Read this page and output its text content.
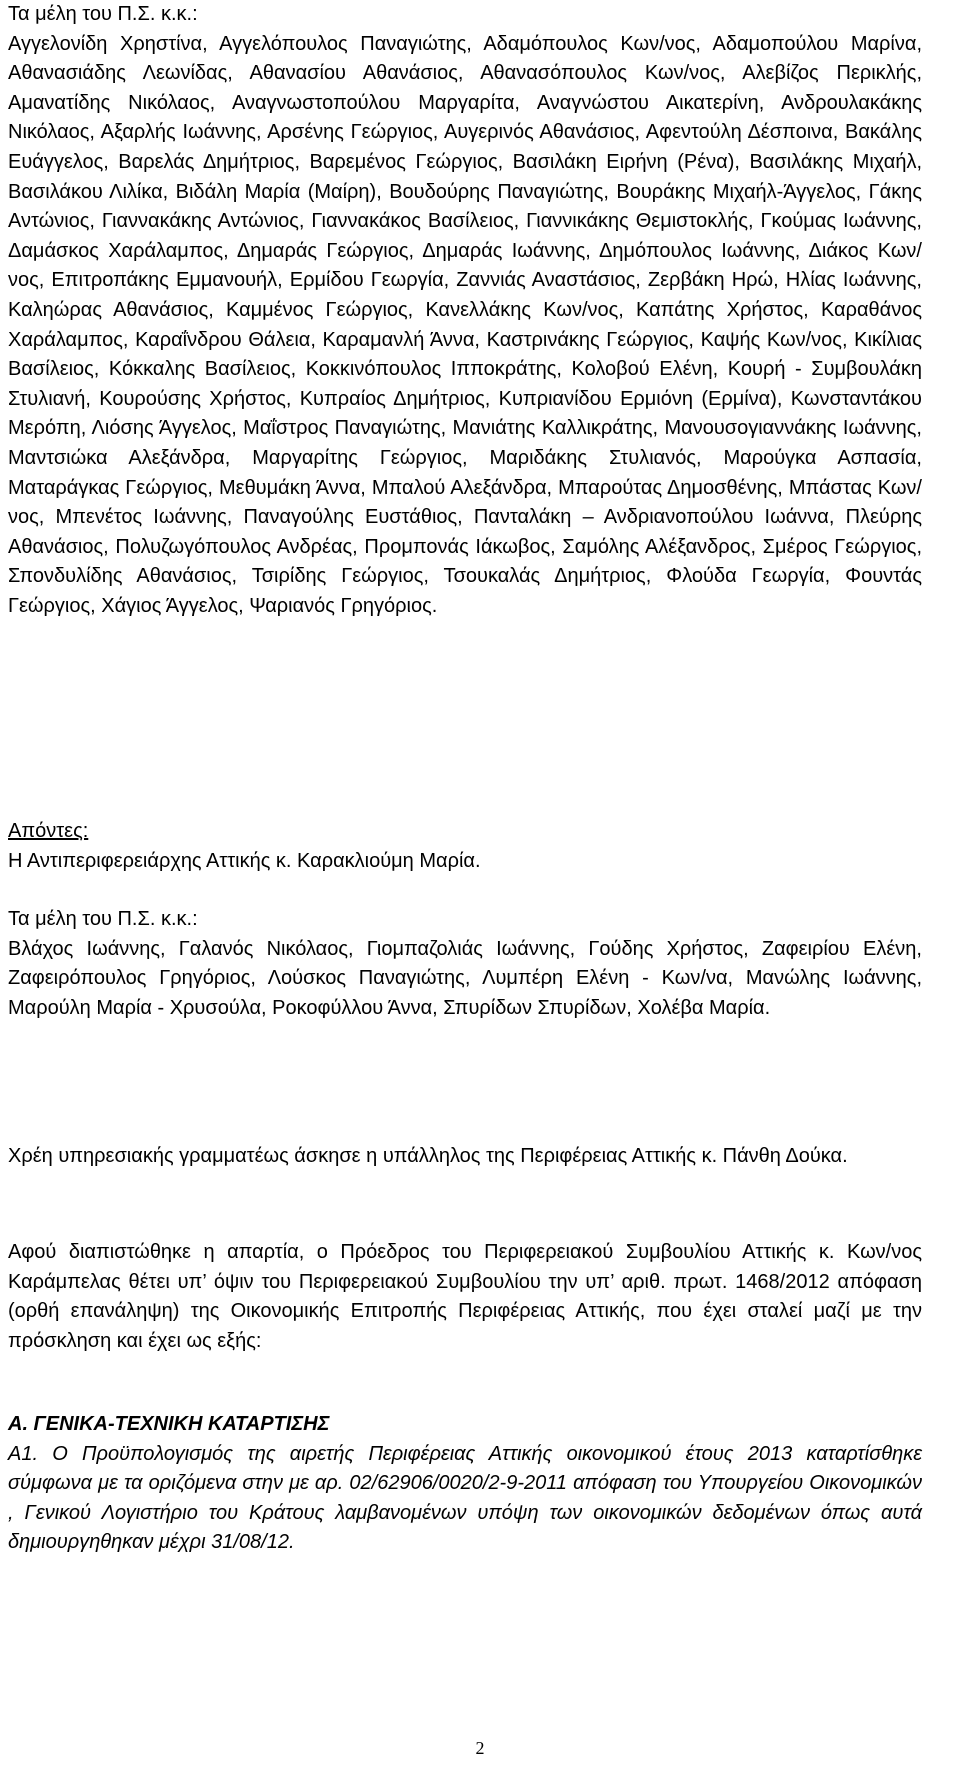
Τα μέλη του Π.Σ. κ.κ.:

Αγγελονίδη Χρηστίνα, Αγγελόπουλος Παναγιώτης, Αδαμόπουλος Κων/νος, Αδαμοπούλου Μαρίνα, Αθανασιάδης Λεωνίδας, Αθανασίου Αθανάσιος, Αθανασόπουλος Κων/νος, Αλεβίζος Περικλής, Αμανατίδης Νικόλαος, Αναγνωστοπούλου Μαργαρίτα, Αναγνώστου Αικατερίνη, Ανδρουλακάκης Νικόλαος, Αξαρλής Ιωάννης, Αρσένης Γεώργιος, Αυγερινός Αθανάσιος, Αφεντούλη Δέσποινα, Βακάλης Ευάγγελος, Βαρελάς Δημήτριος, Βαρεμένος Γεώργιος, Βασιλάκη Ειρήνη (Ρένα), Βασιλάκης Μιχαήλ, Βασιλάκου Λιλίκα, Βιδάλη Μαρία (Μαίρη), Βουδούρης Παναγιώτης, Βουράκης Μιχαήλ-Άγγελος, Γάκης Αντώνιος, Γιαννακάκης Αντώνιος, Γιαννακάκος Βασίλειος, Γιαννικάκης Θεμιστοκλής, Γκούμας Ιωάννης, Δαμάσκος Χαράλαμπος, Δημαράς Γεώργιος, Δημαράς Ιωάννης, Δημόπουλος Ιωάννης, Διάκος Κων/νος, Επιτροπάκης Εμμανουήλ, Ερμίδου Γεωργία, Ζαννιάς Αναστάσιος, Ζερβάκη Ηρώ, Ηλίας Ιωάννης, Καληώρας Αθανάσιος, Καμμένος Γεώργιος, Κανελλάκης Κων/νος, Καπάτης Χρήστος, Καραθάνος Χαράλαμπος, Καραΐνδρου Θάλεια, Καραμανλή Άννα, Καστρινάκης Γεώργιος, Καψής Κων/νος, Κικίλιας Βασίλειος, Κόκκαλης Βασίλειος, Κοκκινόπουλος Ιπποκράτης, Κολοβού Ελένη, Κουρή - Συμβουλάκη Στυλιανή, Κουρούσης Χρήστος, Κυπραίος Δημήτριος, Κυπριανίδου Ερμιόνη (Ερμίνα), Κωνσταντάκου Μερόπη, Λιόσης Άγγελος, Μαΐστρος Παναγιώτης, Μανιάτης Καλλικράτης, Μανουσογιαννάκης Ιωάννης, Μαντσιώκα Αλεξάνδρα, Μαργαρίτης Γεώργιος, Μαριδάκης Στυλιανός, Μαρούγκα Ασπασία, Ματαράγκας Γεώργιος, Μεθυμάκη Άννα, Μπαλού Αλεξάνδρα, Μπαρούτας Δημοσθένης, Μπάστας Κων/νος, Μπενέτος Ιωάννης, Παναγούλης Ευστάθιος, Πανταλάκη – Ανδριανοπούλου Ιωάννα, Πλεύρης Αθανάσιος, Πολυζωγόπουλος Ανδρέας, Προμπονάς Ιάκωβος, Σαμόλης Αλέξανδρος, Σμέρος Γεώργιος, Σπονδυλίδης Αθανάσιος, Τσιρίδης Γεώργιος, Τσουκαλάς Δημήτριος, Φλούδα Γεωργία, Φουντάς Γεώργιος, Χάγιος Άγγελος, Ψαριανός Γρηγόριος.

Απόντες:

Η Αντιπεριφερειάρχης Αττικής κ. Καρακλιούμη Μαρία.

Τα μέλη του Π.Σ. κ.κ.:

Βλάχος Ιωάννης, Γαλανός Νικόλαος, Γιομπαζολιάς Ιωάννης, Γούδης Χρήστος, Ζαφειρίου Ελένη, Ζαφειρόπουλος Γρηγόριος, Λούσκος Παναγιώτης, Λυμπέρη Ελένη - Κων/να, Μανώλης Ιωάννης, Μαρούλη Μαρία - Χρυσούλα, Ροκοφύλλου Άννα, Σπυρίδων Σπυρίδων, Χολέβα Μαρία.

Χρέη υπηρεσιακής γραμματέως άσκησε η υπάλληλος της Περιφέρειας Αττικής κ. Πάνθη Δούκα.

Αφού διαπιστώθηκε η απαρτία, ο Πρόεδρος του Περιφερειακού Συμβουλίου Αττικής κ. Κων/νος Καράμπελας θέτει υπ’ όψιν του Περιφερειακού Συμβουλίου την υπ’ αριθ. πρωτ. 1468/2012 απόφαση (ορθή επανάληψη) της Οικονομικής Επιτροπής Περιφέρειας Αττικής, που έχει σταλεί μαζί με την πρόσκληση και έχει ως εξής:

Α. ΓΕΝΙΚΑ-ΤΕΧΝΙΚΗ ΚΑΤΑΡΤΙΣΗΣ

Α1. Ο Προϋπολογισμός της αιρετής Περιφέρειας Αττικής οικονομικού έτους 2013 καταρτίσθηκε σύμφωνα με τα οριζόμενα στην με αρ. 02/62906/0020/2-9-2011 απόφαση του Υπουργείου Οικονομικών , Γενικού Λογιστήριο του Κράτους λαμβανομένων υπόψη των οικονομικών δεδομένων όπως αυτά δημιουργηθηκαν μέχρι 31/08/12.

2
